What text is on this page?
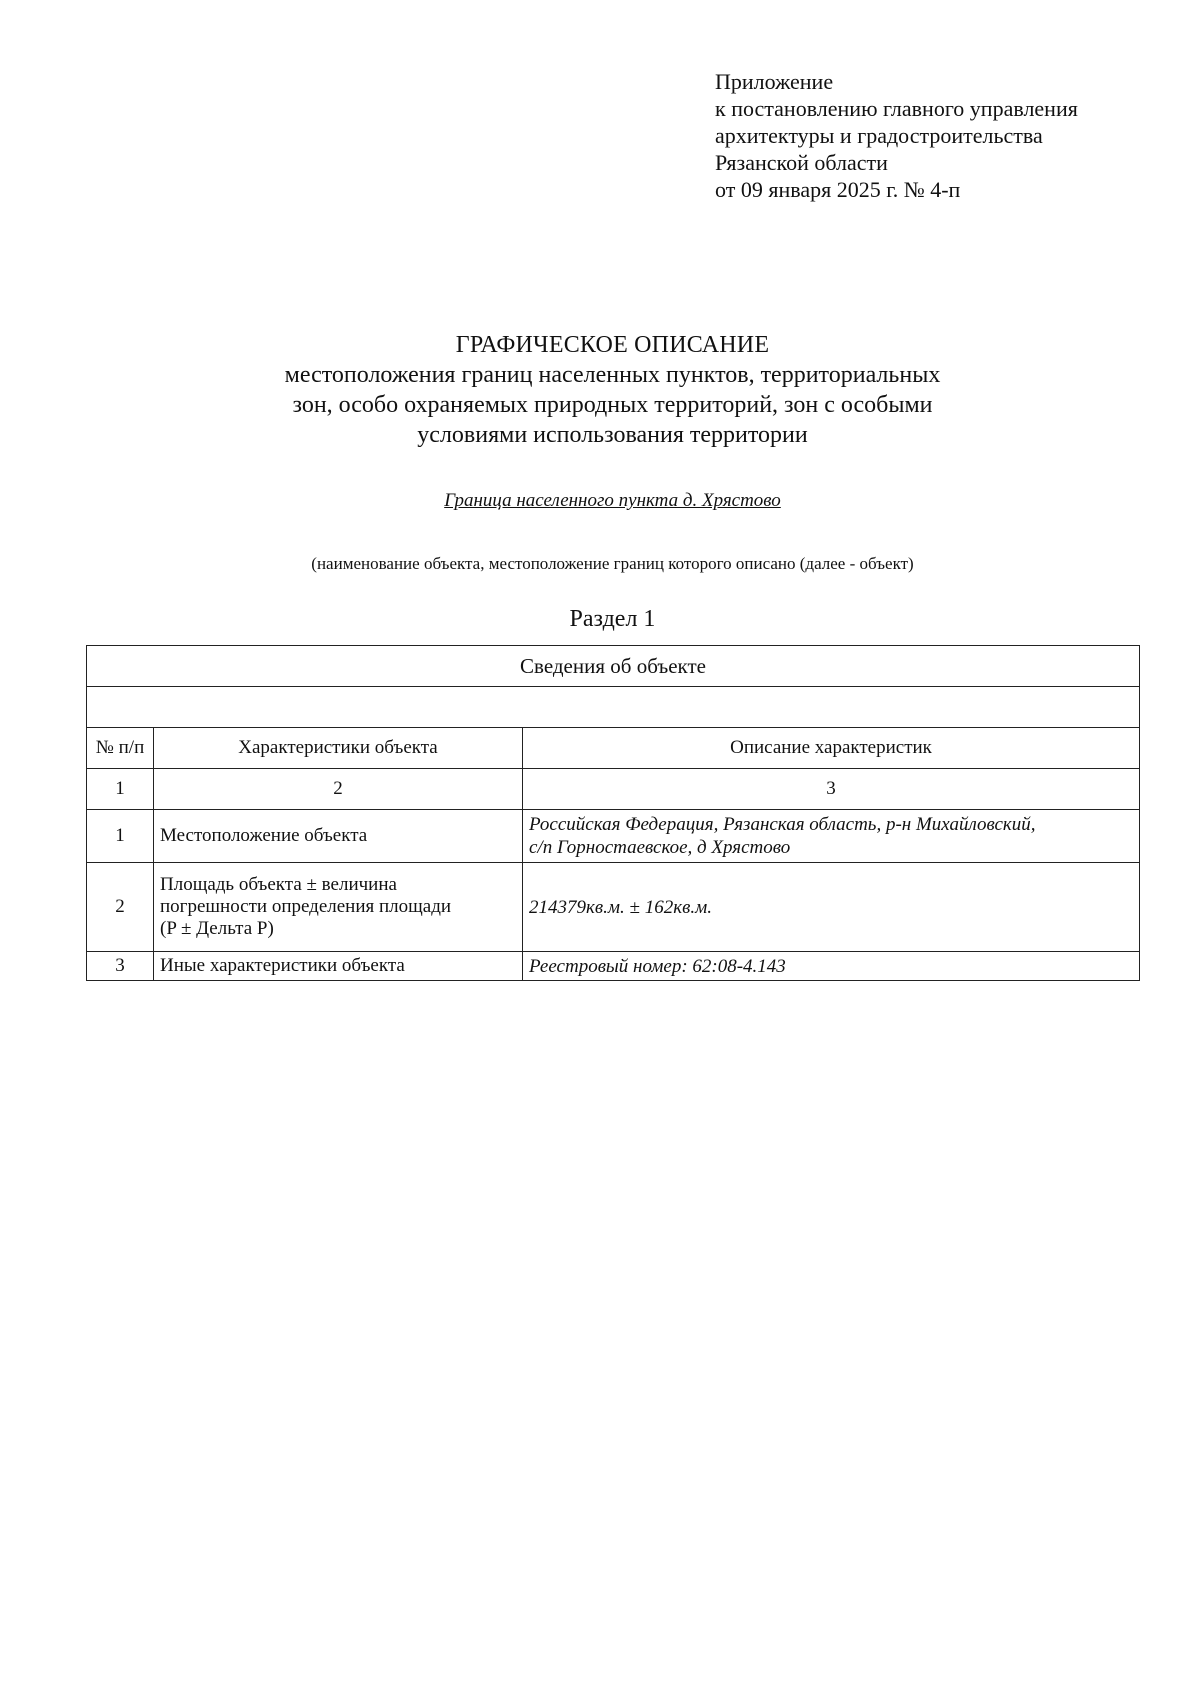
Приложение
к постановлению главного управления
архитектуры и градостроительства
Рязанской области
от 09 января 2025 г. № 4-п
ГРАФИЧЕСКОЕ ОПИСАНИЕ
местоположения границ населенных пунктов, территориальных
зон, особо охраняемых природных территорий, зон с особыми
условиями использования территории
Граница населенного пункта д. Хрястово
(наименование объекта, местоположение границ которого описано (далее - объект)
Раздел 1
Сведения об объекте		

№ п/п	Характеристики объекта	Описание характеристик
1	2	3
1	Местоположение объекта	Российская Федерация, Рязанская область, р-н Михайловский,
с/п Горностаевское, д Хрястово

2	Площадь объекта ± величина
погрешности определения площади
(P ± Дельта P)	214379кв.м. ± 162кв.м.
3	Иные характеристики объекта	Реестровый номер: 62:08-4.143
